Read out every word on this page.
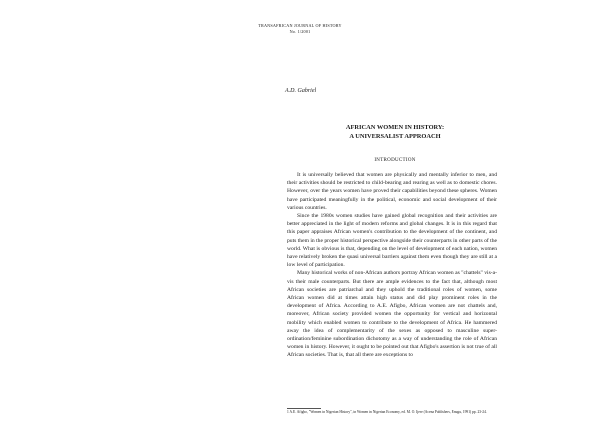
TRANSAFRICAN JOURNAL OF HISTORY
No. 1/2001
A.D. Gabriel
AFRICAN WOMEN IN HISTORY:
A UNIVERSALIST APPROACH
INTRODUCTION

It is universally believed that women are physically and mentally inferior to men, and their activities should be restricted to child-bearing and rearing as well as to domestic chores. However, over the years women have proved their capabilities beyond these spheres. Women have participated meaningfully in the political, economic and social development of their various countries.

Since the 1980s women studies have gained global recognition and their activities are better appreciated in the light of modern reforms and global changes. It is in this regard that this paper appraises African women's contribution to the development of the continent, and puts them in the proper historical perspective alongside their counterparts in other parts of the world. What is obvious is that, depending on the level of development of each nation, women have relatively broken the quasi universal barriers against them even though they are still at a low level of participation.

Many historical works of non-African authors portray African women as "chattels" vis-a-vis their male counterparts. But there are ample evidences to the fact that, although most African societies are patriarchal and they uphold the traditional roles of women, some African women did at times attain high status and did play prominent roles in the development of Africa. According to A.E. Afigbo, African women are not chattels and, moreover, African society provided women the opportunity for vertical and horizontal mobility which enabled women to contribute to the development of Africa. He hammered away the idea of complementarity of the sexes as opposed to masculine super-ordination/feminine subordination dichotomy as a way of understanding the role of African women in history. However, it ought to be pointed out that Afigbo's assertion is not true of all African societies. That is, that all there are exceptions to

1 A.E. Afigbo, "Women in Nigerian History", in Women in Nigerian Economy, ed. M. O. Ijere (Acena Publishers, Enugu, 1991) pp. 23-24.
